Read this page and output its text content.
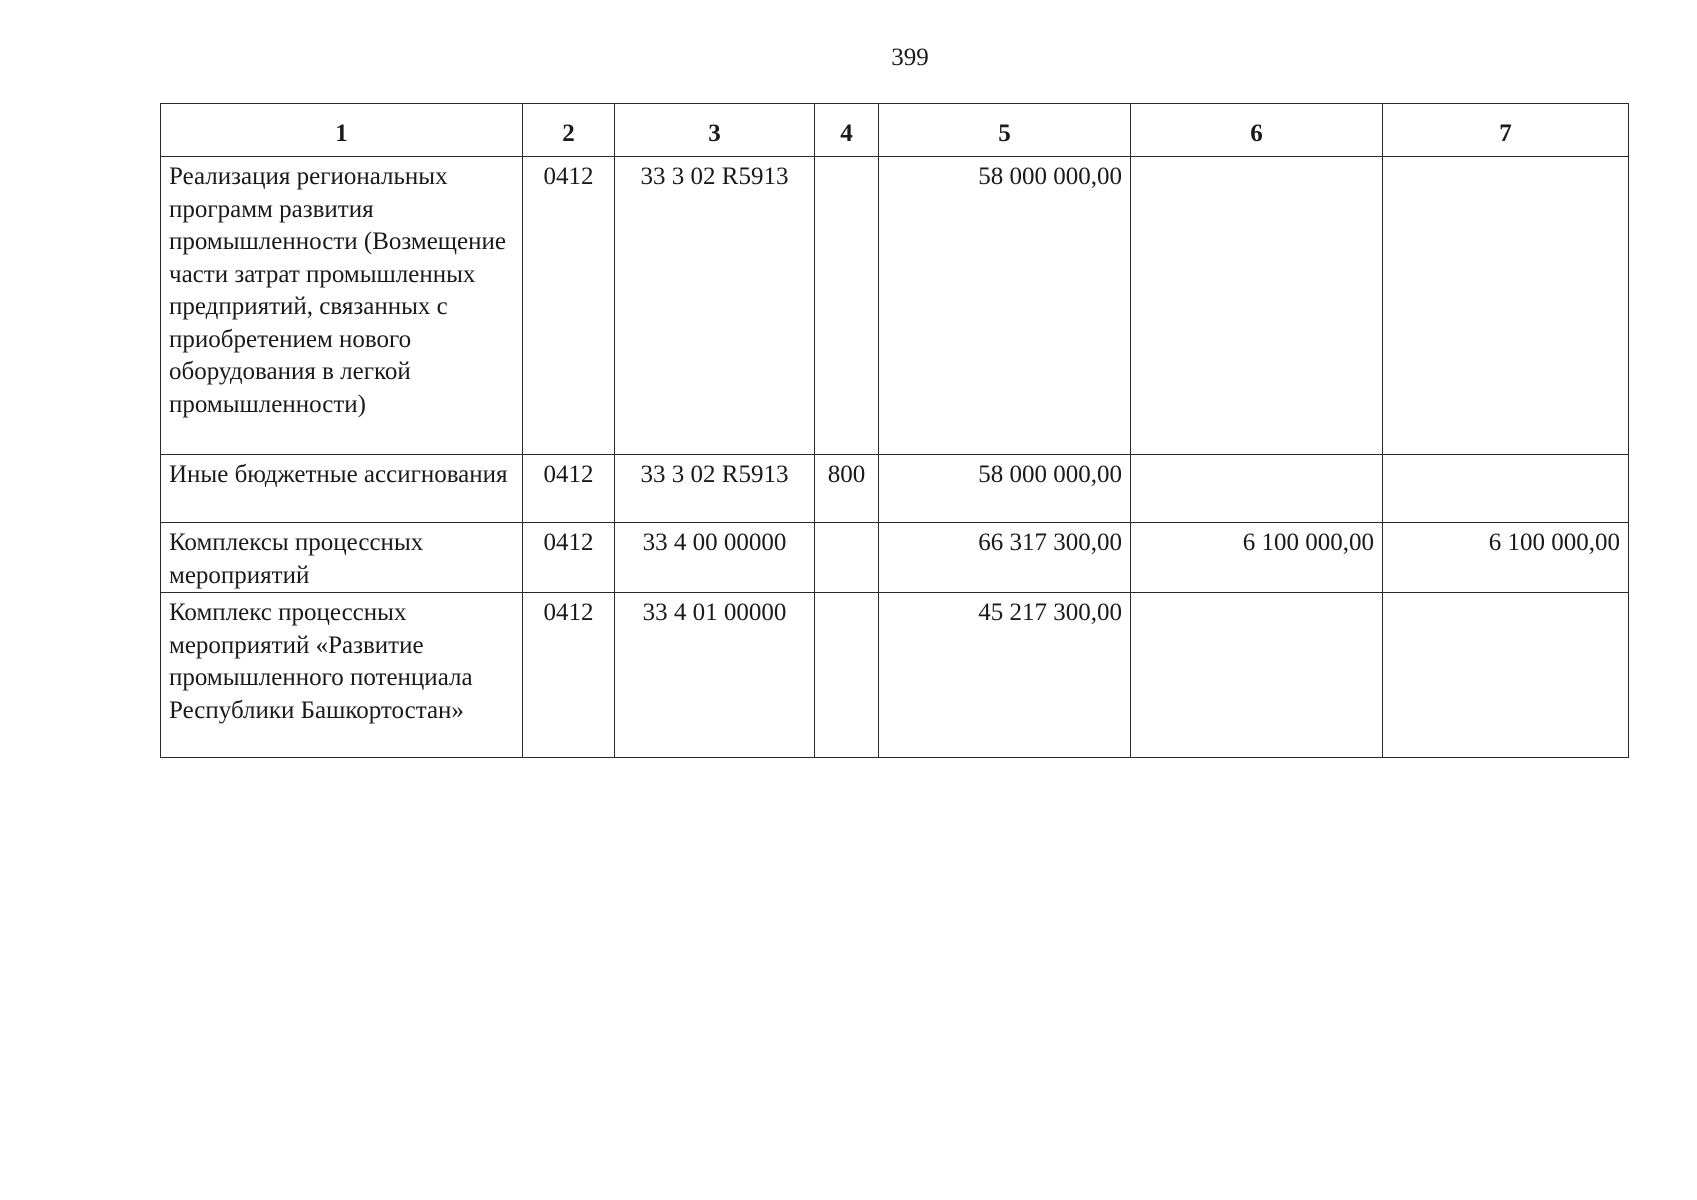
399
1	2	3	4	5	6	7
Реализация региональных программ развития промышленности (Возмещение части затрат промышленных предприятий, связанных с приобретением нового оборудования в легкой промышленности)	0412	33 3 02 R5913		58 000 000,00		
Иные бюджетные ассигнования	0412	33 3 02 R5913	800	58 000 000,00		
Комплексы процессных мероприятий	0412	33 4 00 00000		66 317 300,00	6 100 000,00	6 100 000,00
Комплекс процессных мероприятий «Развитие промышленного потенциала Республики Башкортостан»	0412	33 4 01 00000		45 217 300,00		
